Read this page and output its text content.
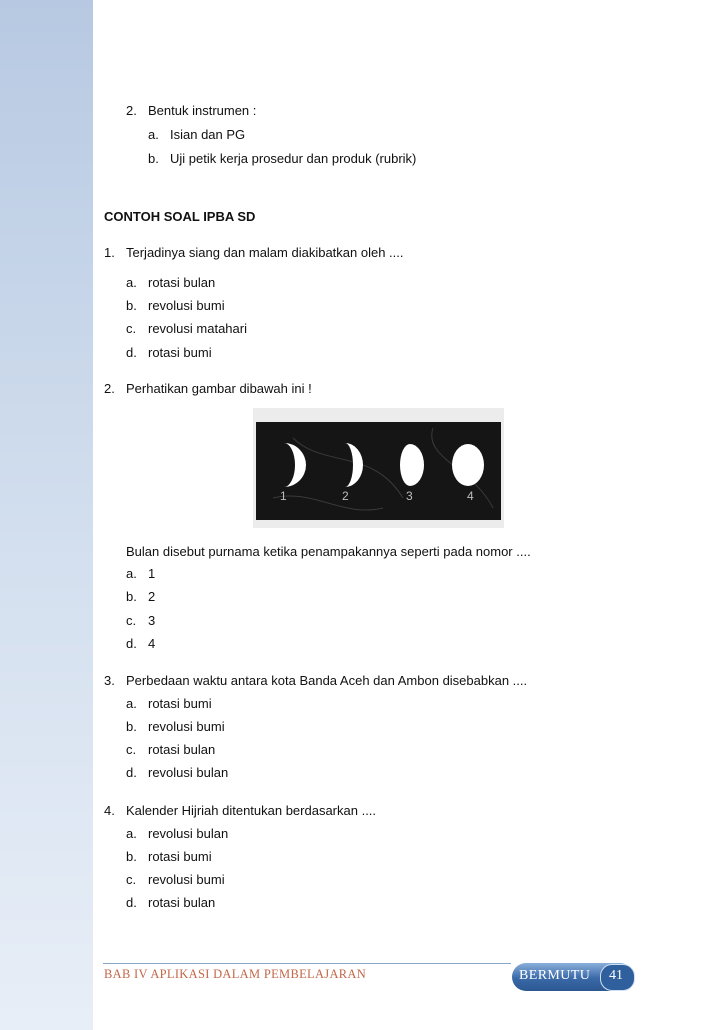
2. Bentuk instrumen :
a. Isian dan PG
b. Uji petik kerja prosedur dan produk (rubrik)
CONTOH SOAL IPBA SD
1. Terjadinya siang dan malam diakibatkan oleh ....
a. rotasi bulan
b. revolusi bumi
c. revolusi matahari
d. rotasi bumi
2. Perhatikan gambar dibawah ini !
1	2	3	4
Bulan disebut purnama ketika penampakannya seperti pada nomor ....
a. 1
b. 2
c. 3
d. 4
3. Perbedaan waktu antara kota Banda Aceh dan Ambon disebabkan ....
a. rotasi bumi
b. revolusi bumi
c. rotasi bulan
d. revolusi bulan
4. Kalender Hijriah ditentukan berdasarkan ....
a. revolusi bulan
b. rotasi bumi
c. revolusi bumi
d. rotasi bulan
BAB IV APLIKASI DALAM PEMBELAJARAN	BERMUTU 41
